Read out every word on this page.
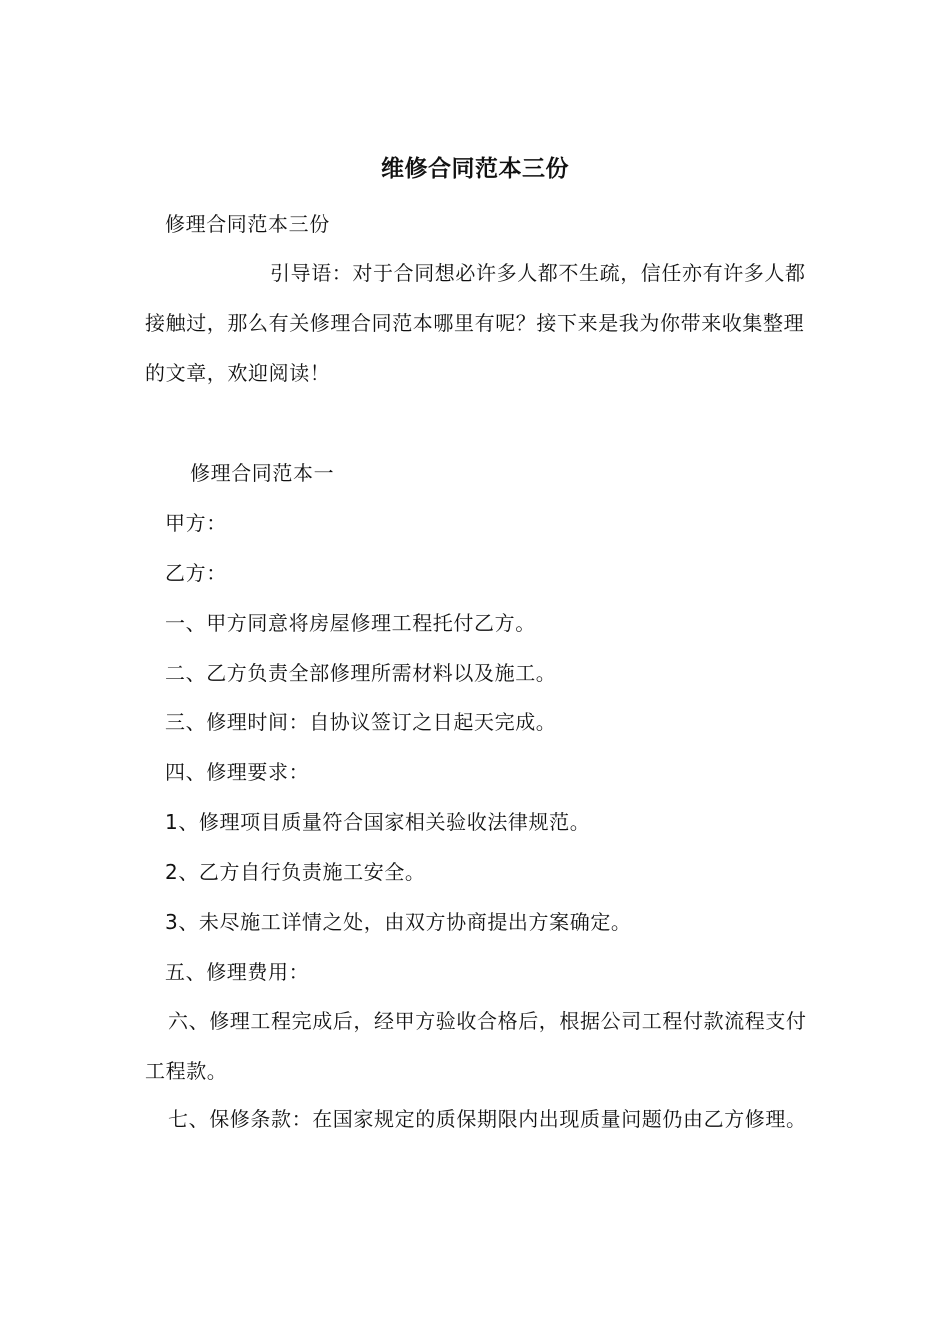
维修合同范本三份
修理合同范本三份
引导语：对于合同想必许多人都不生疏，信任亦有许多人都接触过，那么有关修理合同范本哪里有呢？接下来是我为你带来收集整理的文章，欢迎阅读！
修理合同范本一
甲方：
乙方：
一、甲方同意将房屋修理工程托付乙方。
二、乙方负责全部修理所需材料以及施工。
三、修理时间：自协议签订之日起天完成。
四、修理要求：
1、修理项目质量符合国家相关验收法律规范。
2、乙方自行负责施工安全。
3、未尽施工详情之处，由双方协商提出方案确定。
五、修理费用：
六、修理工程完成后，经甲方验收合格后，根据公司工程付款流程支付工程款。
七、保修条款：在国家规定的质保期限内出现质量问题仍由乙方修理。
